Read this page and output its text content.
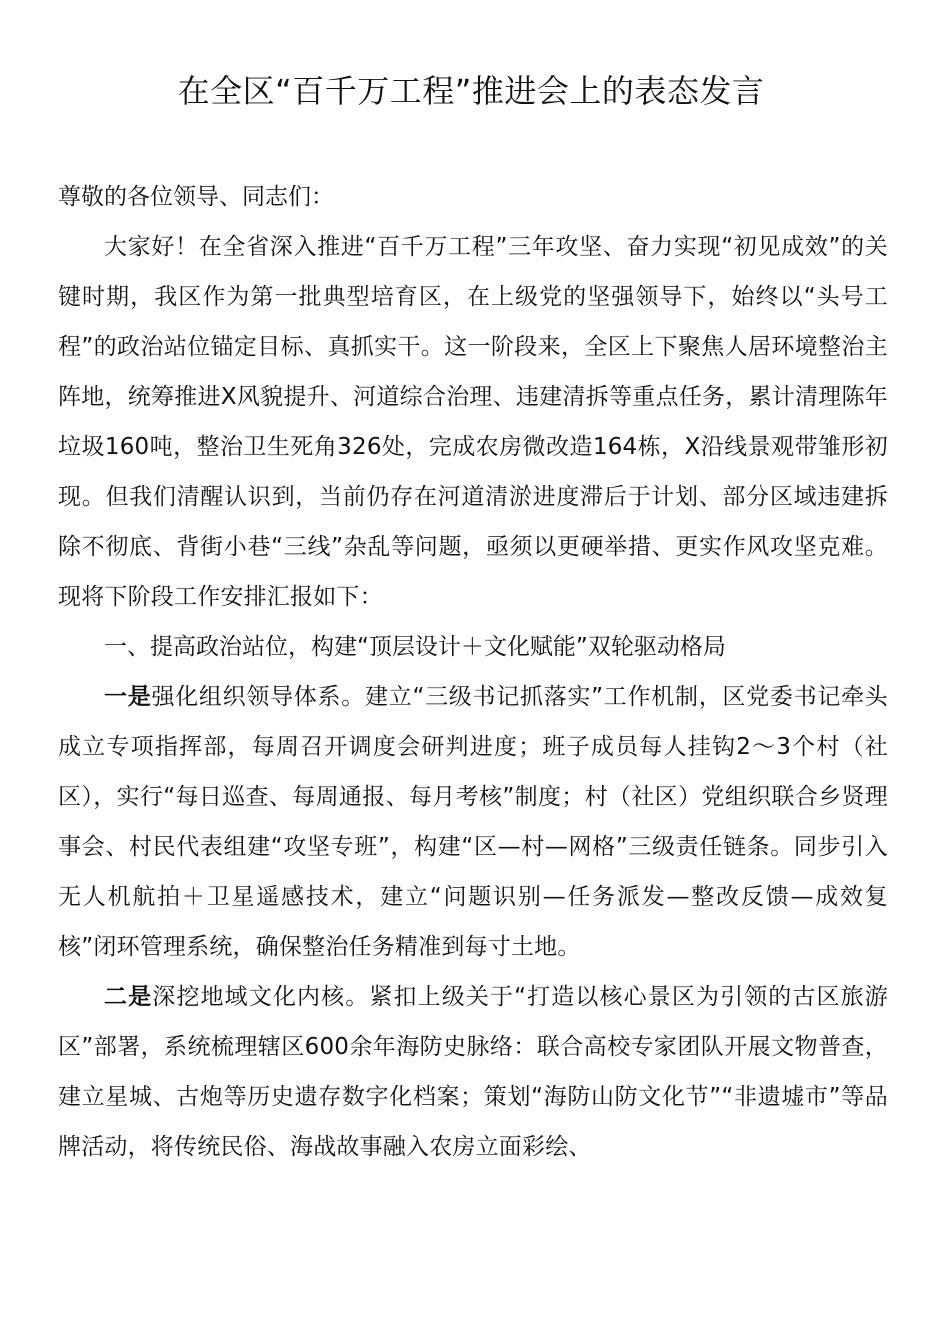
在全区“百千万工程”推进会上的表态发言

尊敬的各位领导、同志们：

大家好！在全省深入推进“百千万工程”三年攻坚、奋力实现“初见成效”的关键时期，我区作为第一批典型培育区，在上级党的坚强领导下，始终以“头号工程”的政治站位锚定目标、真抓实干。这一阶段来，全区上下聚焦人居环境整治主阵地，统筹推进X风貌提升、河道综合治理、违建清拆等重点任务，累计清理陈年垃圾160吨，整治卫生死角326处，完成农房微改造164栋，X沿线景观带雏形初现。但我们清醒认识到，当前仍存在河道清淤进度滞后于计划、部分区域违建拆除不彻底、背街小巷“三线”杂乱等问题，亟须以更硬举措、更实作风攻坚克难。现将下阶段工作安排汇报如下：

一、提高政治站位，构建“顶层设计＋文化赋能”双轮驱动格局

一是强化组织领导体系。建立“三级书记抓落实”工作机制，区党委书记牵头成立专项指挥部，每周召开调度会研判进度；班子成员每人挂钩2～3个村（社区），实行“每日巡查、每周通报、每月考核”制度；村（社区）党组织联合乡贤理事会、村民代表组建“攻坚专班”，构建“区—村—网格”三级责任链条。同步引入无人机航拍＋卫星遥感技术，建立“问题识别—任务派发—整改反馈—成效复核”闭环管理系统，确保整治任务精准到每寸土地。

二是深挖地域文化内核。紧扣上级关于“打造以核心景区为引领的古区旅游区”部署，系统梳理辖区600余年海防史脉络：联合高校专家团队开展文物普查，建立星城、古炮等历史遗存数字化档案；策划“海防山防文化节”“非遗墟市”等品牌活动，将传统民俗、海战故事融入农房立面彩绘、
